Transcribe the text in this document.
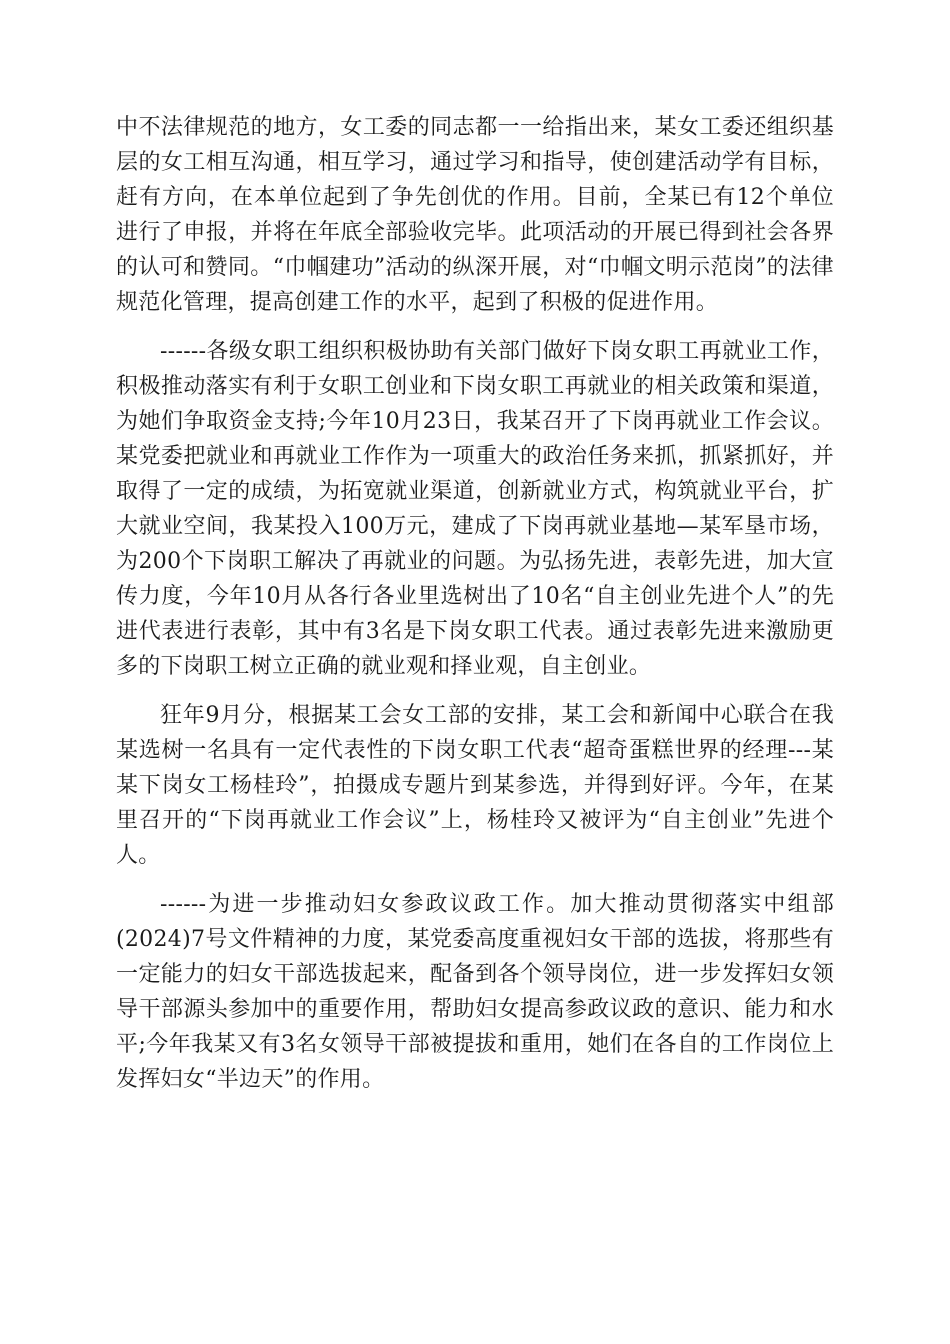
中不法律规范的地方，女工委的同志都一一给指出来，某女工委还组织基层的女工相互沟通，相互学习，通过学习和指导，使创建活动学有目标，赶有方向，在本单位起到了争先创优的作用。目前，全某已有12个单位进行了申报，并将在年底全部验收完毕。此项活动的开展已得到社会各界的认可和赞同。“巾帼建功”活动的纵深开展，对“巾帼文明示范岗”的法律规范化管理，提高创建工作的水平，起到了积极的促进作用。

------各级女职工组织积极协助有关部门做好下岗女职工再就业工作，积极推动落实有利于女职工创业和下岗女职工再就业的相关政策和渠道，为她们争取资金支持;今年10月23日，我某召开了下岗再就业工作会议。某党委把就业和再就业工作作为一项重大的政治任务来抓，抓紧抓好，并取得了一定的成绩，为拓宽就业渠道，创新就业方式，构筑就业平台，扩大就业空间，我某投入100万元，建成了下岗再就业基地—某军垦市场，为200个下岗职工解决了再就业的问题。为弘扬先进，表彰先进，加大宣传力度，今年10月从各行各业里选树出了10名“自主创业先进个人”的先进代表进行表彰，其中有3名是下岗女职工代表。通过表彰先进来激励更多的下岗职工树立正确的就业观和择业观，自主创业。

狂年9月分，根据某工会女工部的安排，某工会和新闻中心联合在我某选树一名具有一定代表性的下岗女职工代表“超奇蛋糕世界的经理---某某下岗女工杨桂玲”，拍摄成专题片到某参选，并得到好评。今年，在某里召开的“下岗再就业工作会议”上，杨桂玲又被评为“自主创业”先进个人。

------为进一步推动妇女参政议政工作。加大推动贯彻落实中组部(2024)7号文件精神的力度，某党委高度重视妇女干部的选拔，将那些有一定能力的妇女干部选拔起来，配备到各个领导岗位，进一步发挥妇女领导干部源头参加中的重要作用，帮助妇女提高参政议政的意识、能力和水平;今年我某又有3名女领导干部被提拔和重用，她们在各自的工作岗位上发挥妇女“半边天”的作用。
